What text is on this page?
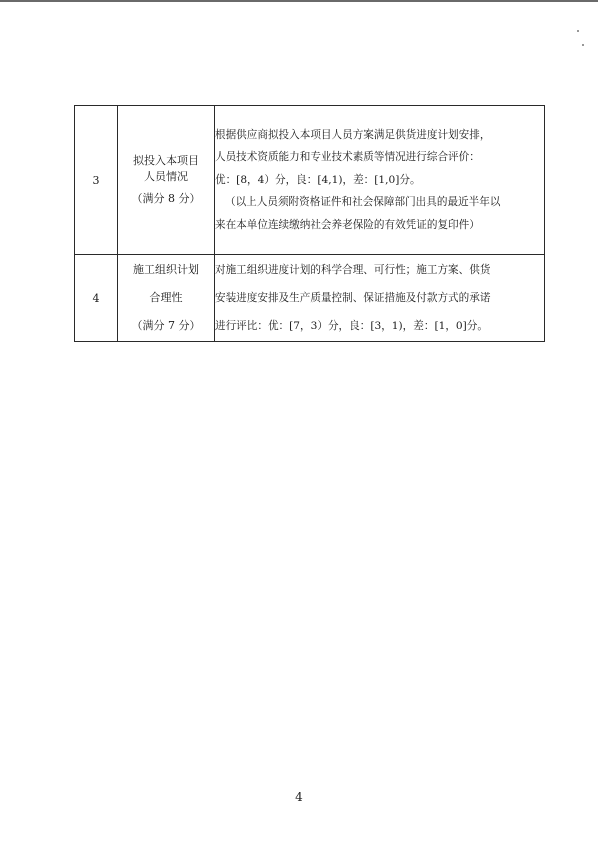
3	拟投入本项目
人员情况
（满分 8 分）	根据供应商拟投入本项目人员方案满足供货进度计划安排，
人员技术资质能力和专业技术素质等情况进行综合评价：
优：[8，4）分，良：[4,1)，差：[1,0]分。
（以上人员须附资格证件和社会保障部门出具的最近半年以
来在本单位连续缴纳社会养老保险的有效凭证的复印件）

4	施工组织计划
合理性
（满分 7 分）	对施工组织进度计划的科学合理、可行性；施工方案、供货
安装进度安排及生产质量控制、保证措施及付款方式的承诺
进行评比：优：[7，3）分，良：[3，1)，差：[1，0]分。
4
